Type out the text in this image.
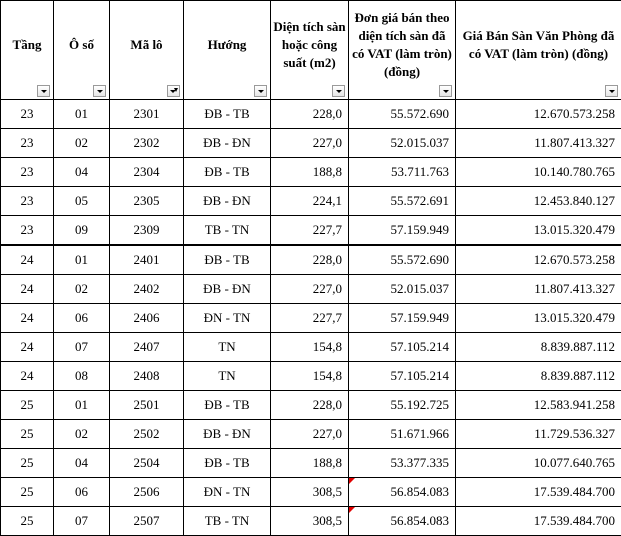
Tầng	Ô số	Mã lô	Hướng	Diện tích sàn hoặc công suất (m2)	Đơn giá bán theo diện tích sàn đã có VAT (làm tròn) (đồng)	Giá Bán Sàn Văn Phòng đã có VAT (làm tròn) (đồng)

23	01	2301	ĐB - TB	228,0	55.572.690	12.670.573.258
23	02	2302	ĐB - ĐN	227,0	52.015.037	11.807.413.327
23	04	2304	ĐB - TB	188,8	53.711.763	10.140.780.765
23	05	2305	ĐB - ĐN	224,1	55.572.691	12.453.840.127
23	09	2309	TB - TN	227,7	57.159.949	13.015.320.479
24	01	2401	ĐB - TB	228,0	55.572.690	12.670.573.258
24	02	2402	ĐB - ĐN	227,0	52.015.037	11.807.413.327
24	06	2406	ĐN - TN	227,7	57.159.949	13.015.320.479
24	07	2407	TN	154,8	57.105.214	8.839.887.112
24	08	2408	TN	154,8	57.105.214	8.839.887.112
25	01	2501	ĐB - TB	228,0	55.192.725	12.583.941.258
25	02	2502	ĐB - ĐN	227,0	51.671.966	11.729.536.327
25	04	2504	ĐB - TB	188,8	53.377.335	10.077.640.765
25	06	2506	ĐN - TN	308,5	56.854.083	17.539.484.700
25	07	2507	TB - TN	308,5	56.854.083	17.539.484.700
